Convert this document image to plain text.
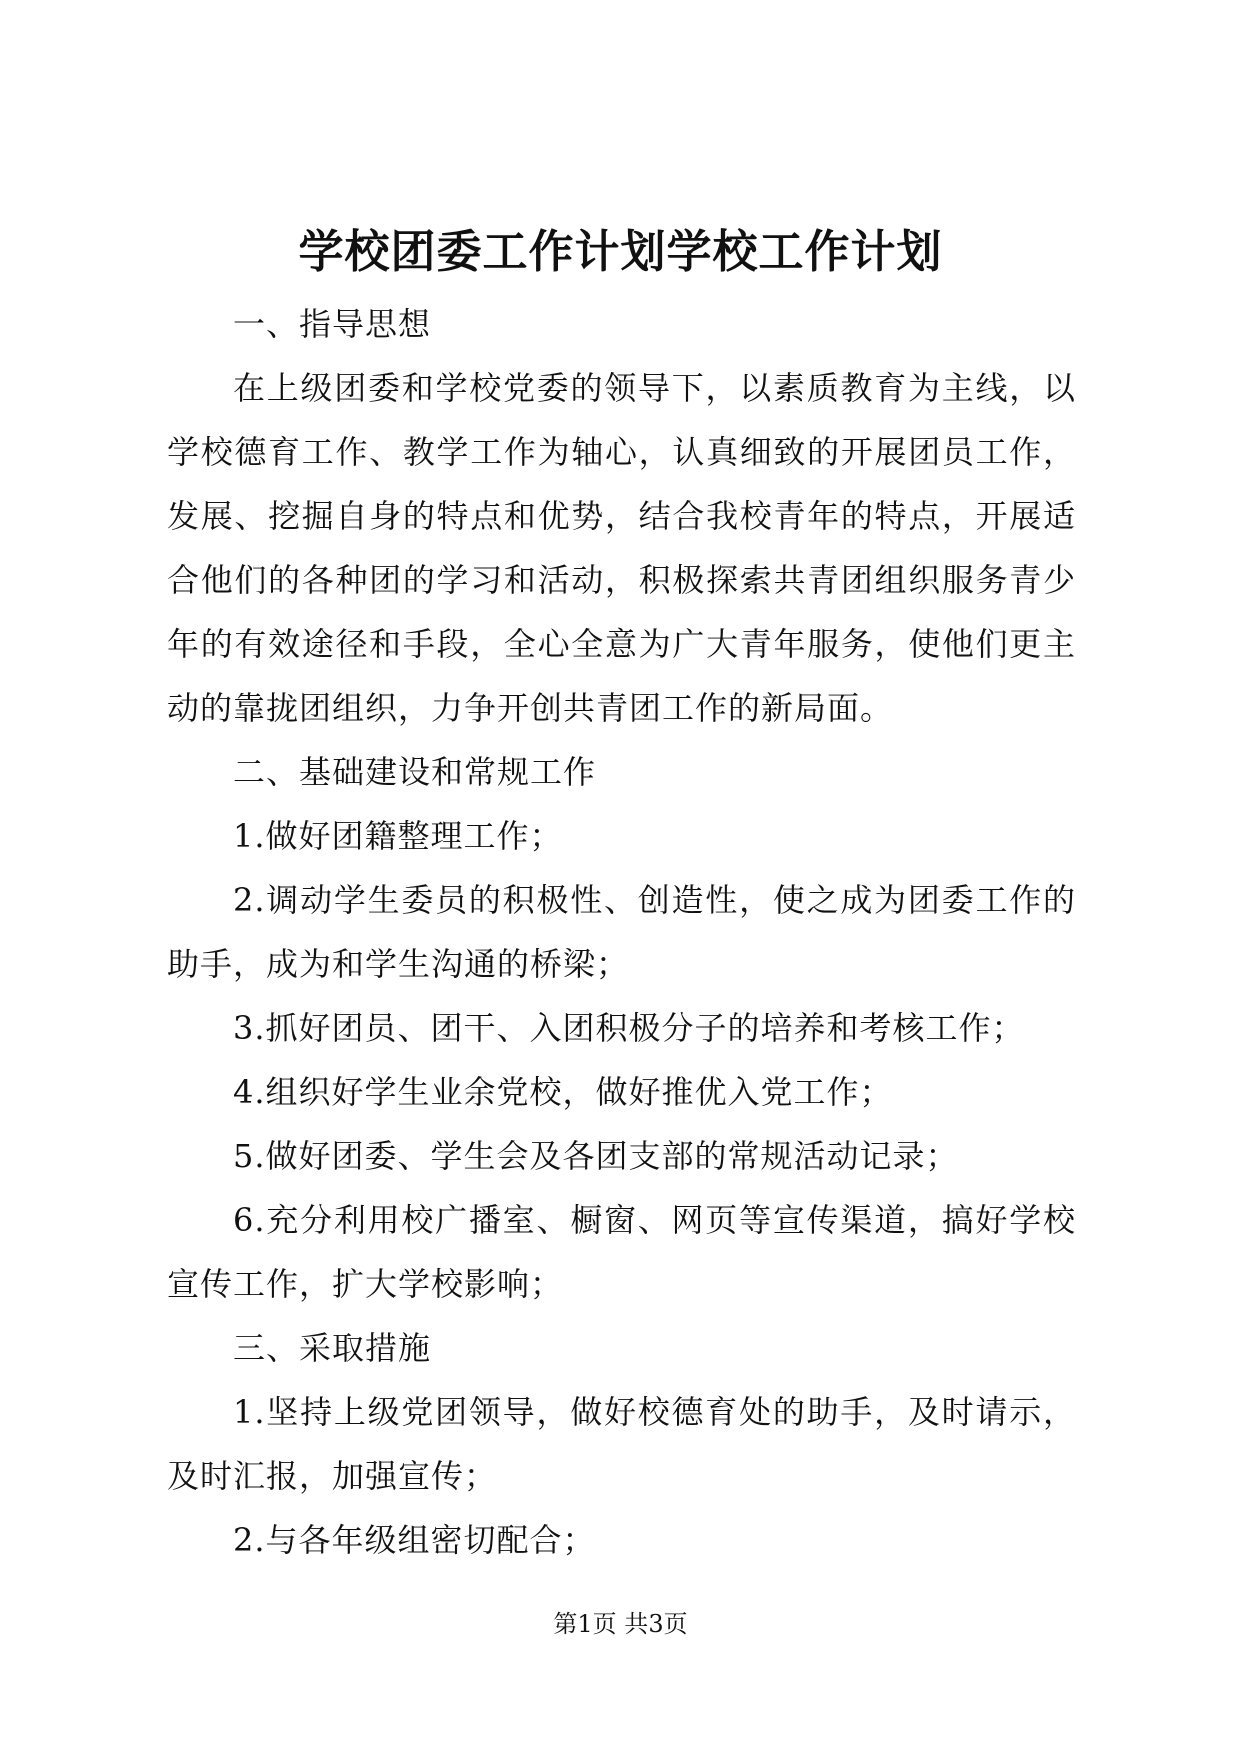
学校团委工作计划学校工作计划

一、指导思想

在上级团委和学校党委的领导下，以素质教育为主线，以学校德育工作、教学工作为轴心，认真细致的开展团员工作，发展、挖掘自身的特点和优势，结合我校青年的特点，开展适合他们的各种团的学习和活动，积极探索共青团组织服务青少年的有效途径和手段，全心全意为广大青年服务，使他们更主动的靠拢团组织，力争开创共青团工作的新局面。

二、基础建设和常规工作

1.做好团籍整理工作；

2.调动学生委员的积极性、创造性，使之成为团委工作的助手，成为和学生沟通的桥梁；

3.抓好团员、团干、入团积极分子的培养和考核工作；

4.组织好学生业余党校，做好推优入党工作；

5.做好团委、学生会及各团支部的常规活动记录；

6.充分利用校广播室、橱窗、网页等宣传渠道，搞好学校宣传工作，扩大学校影响；

三、采取措施

1.坚持上级党团领导，做好校德育处的助手，及时请示，及时汇报，加强宣传；

2.与各年级组密切配合；

第1页 共3页
